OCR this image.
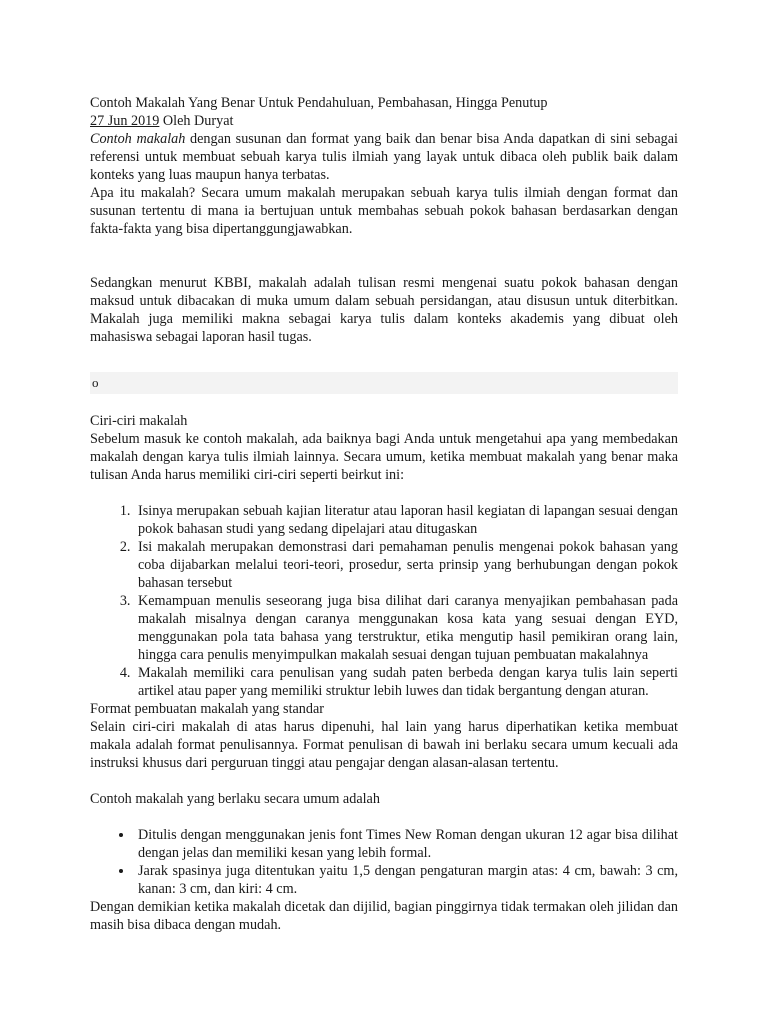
Contoh Makalah Yang Benar Untuk Pendahuluan, Pembahasan, Hingga Penutup

27 Jun 2019 Oleh Duryat

Contoh makalah dengan susunan dan format yang baik dan benar bisa Anda dapatkan di sini sebagai referensi untuk membuat sebuah karya tulis ilmiah yang layak untuk dibaca oleh publik baik dalam konteks yang luas maupun hanya terbatas.

Apa itu makalah? Secara umum makalah merupakan sebuah karya tulis ilmiah dengan format dan susunan tertentu di mana ia bertujuan untuk membahas sebuah pokok bahasan berdasarkan dengan fakta-fakta yang bisa dipertanggungjawabkan.

Sedangkan menurut KBBI, makalah adalah tulisan resmi mengenai suatu pokok bahasan dengan maksud untuk dibacakan di muka umum dalam sebuah persidangan, atau disusun untuk diterbitkan. Makalah juga memiliki makna sebagai karya tulis dalam konteks akademis yang dibuat oleh mahasiswa sebagai laporan hasil tugas.

o

Ciri-ciri makalah

Sebelum masuk ke contoh makalah, ada baiknya bagi Anda untuk mengetahui apa yang membedakan makalah dengan karya tulis ilmiah lainnya. Secara umum, ketika membuat makalah yang benar maka tulisan Anda harus memiliki ciri-ciri seperti beirkut ini:

1. Isinya merupakan sebuah kajian literatur atau laporan hasil kegiatan di lapangan sesuai dengan pokok bahasan studi yang sedang dipelajari atau ditugaskan
2. Isi makalah merupakan demonstrasi dari pemahaman penulis mengenai pokok bahasan yang coba dijabarkan melalui teori-teori, prosedur, serta prinsip yang berhubungan dengan pokok bahasan tersebut
3. Kemampuan menulis seseorang juga bisa dilihat dari caranya menyajikan pembahasan pada makalah misalnya dengan caranya menggunakan kosa kata yang sesuai dengan EYD, menggunakan pola tata bahasa yang terstruktur, etika mengutip hasil pemikiran orang lain, hingga cara penulis menyimpulkan makalah sesuai dengan tujuan pembuatan makalahnya
4. Makalah memiliki cara penulisan yang sudah paten berbeda dengan karya tulis lain seperti artikel atau paper yang memiliki struktur lebih luwes dan tidak bergantung dengan aturan.

Format pembuatan makalah yang standar

Selain ciri-ciri makalah di atas harus dipenuhi, hal lain yang harus diperhatikan ketika membuat makala adalah format penulisannya. Format penulisan di bawah ini berlaku secara umum kecuali ada instruksi khusus dari perguruan tinggi atau pengajar dengan alasan-alasan tertentu.

Contoh makalah yang berlaku secara umum adalah

• Ditulis dengan menggunakan jenis font Times New Roman dengan ukuran 12 agar bisa dilihat dengan jelas dan memiliki kesan yang lebih formal.
• Jarak spasinya juga ditentukan yaitu 1,5 dengan pengaturan margin atas: 4 cm, bawah: 3 cm, kanan: 3 cm, dan kiri: 4 cm.

Dengan demikian ketika makalah dicetak dan dijilid, bagian pinggirnya tidak termakan oleh jilidan dan masih bisa dibaca dengan mudah.
